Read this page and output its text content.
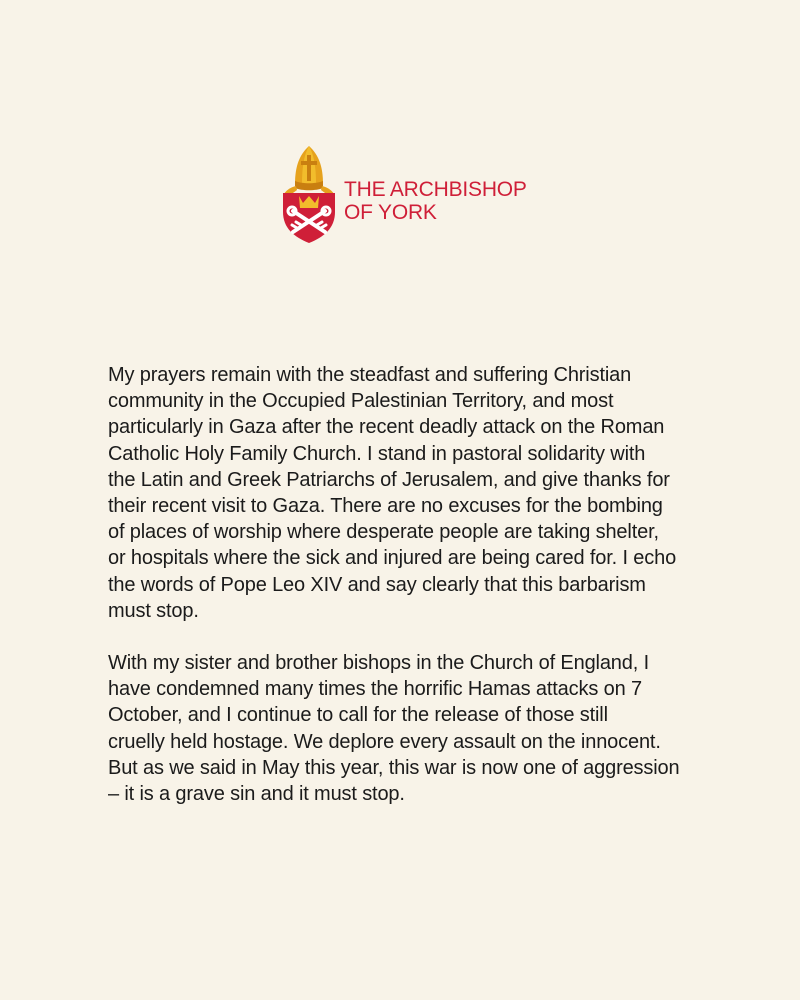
THE ARCHBISHOP
OF YORK

My prayers remain with the steadfast and suffering Christian
community in the Occupied Palestinian Territory, and most
particularly in Gaza after the recent deadly attack on the Roman
Catholic Holy Family Church. I stand in pastoral solidarity with
the Latin and Greek Patriarchs of Jerusalem, and give thanks for
their recent visit to Gaza. There are no excuses for the bombing
of places of worship where desperate people are taking shelter,
or hospitals where the sick and injured are being cared for. I echo
the words of Pope Leo XIV and say clearly that this barbarism
must stop.

With my sister and brother bishops in the Church of England, I
have condemned many times the horrific Hamas attacks on 7
October, and I continue to call for the release of those still
cruelly held hostage. We deplore every assault on the innocent.
But as we said in May this year, this war is now one of aggression
– it is a grave sin and it must stop.
